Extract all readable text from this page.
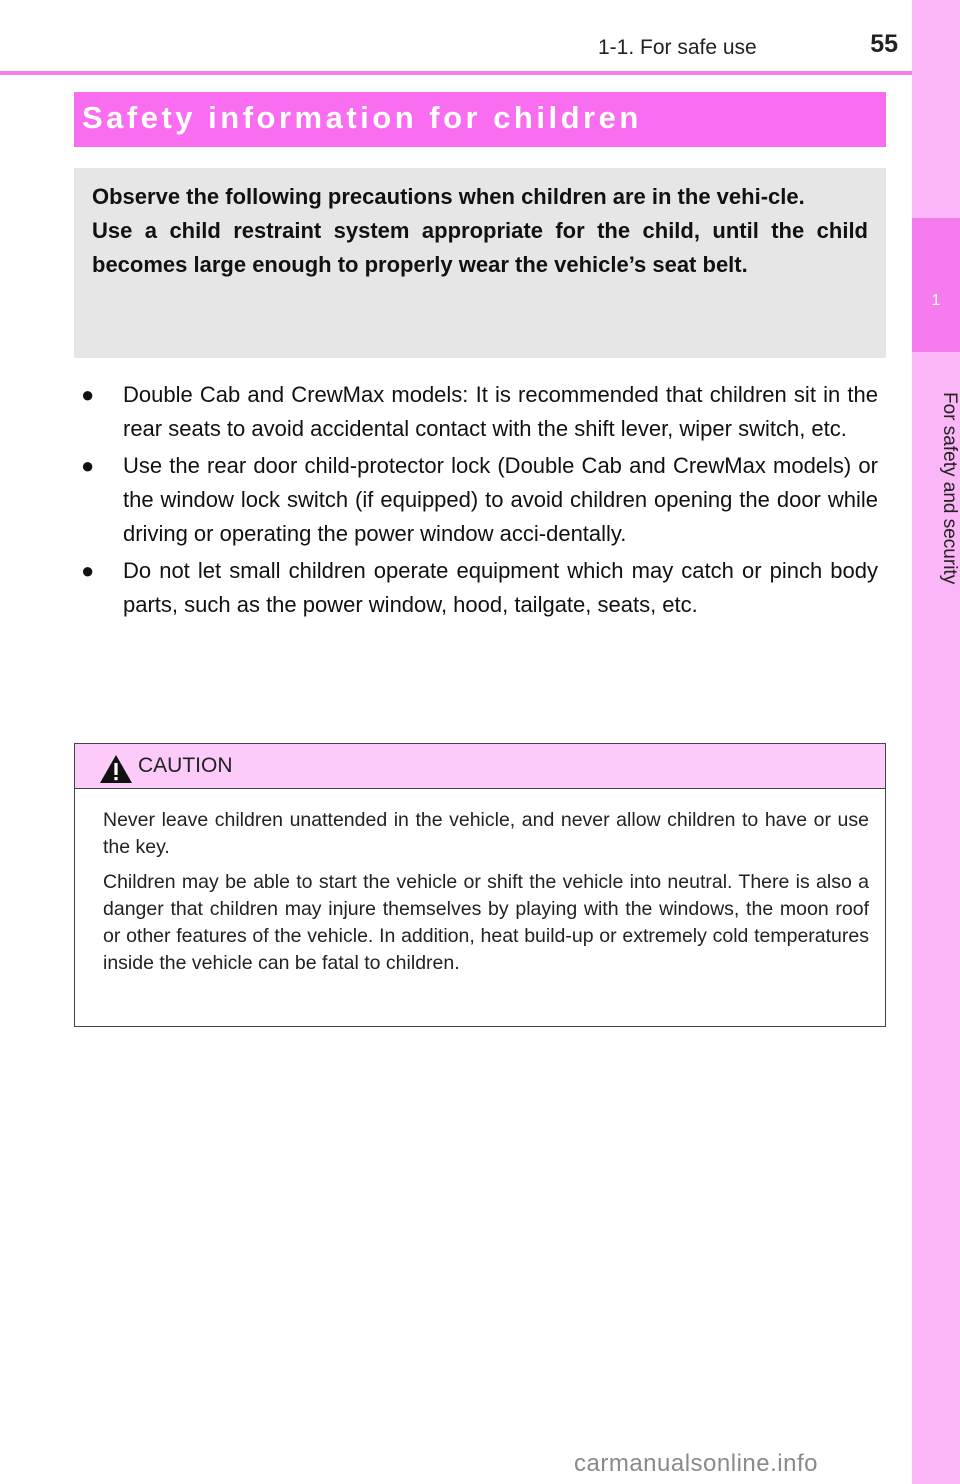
1
For safety and security
1-1. For safe use	55
Safety information for children

Observe the following precautions when children are in the vehi-cle.

Use a child restraint system appropriate for the child, until the child becomes large enough to properly wear the vehicle’s seat belt.

● Double Cab and CrewMax models: It is recommended that children sit in the rear seats to avoid accidental contact with the shift lever, wiper switch, etc.
● Use the rear door child-protector lock (Double Cab and CrewMax models) or the window lock switch (if equipped) to avoid children opening the door while driving or operating the power window acci-dentally.
● Do not let small children operate equipment which may catch or pinch body parts, such as the power window, hood, tailgate, seats, etc.
CAUTION

Never leave children unattended in the vehicle, and never allow children to have or use the key.

Children may be able to start the vehicle or shift the vehicle into neutral. There is also a danger that children may injure themselves by playing with the windows, the moon roof or other features of the vehicle. In addition, heat build-up or extremely cold temperatures inside the vehicle can be fatal to children.

carmanualsonline.info
